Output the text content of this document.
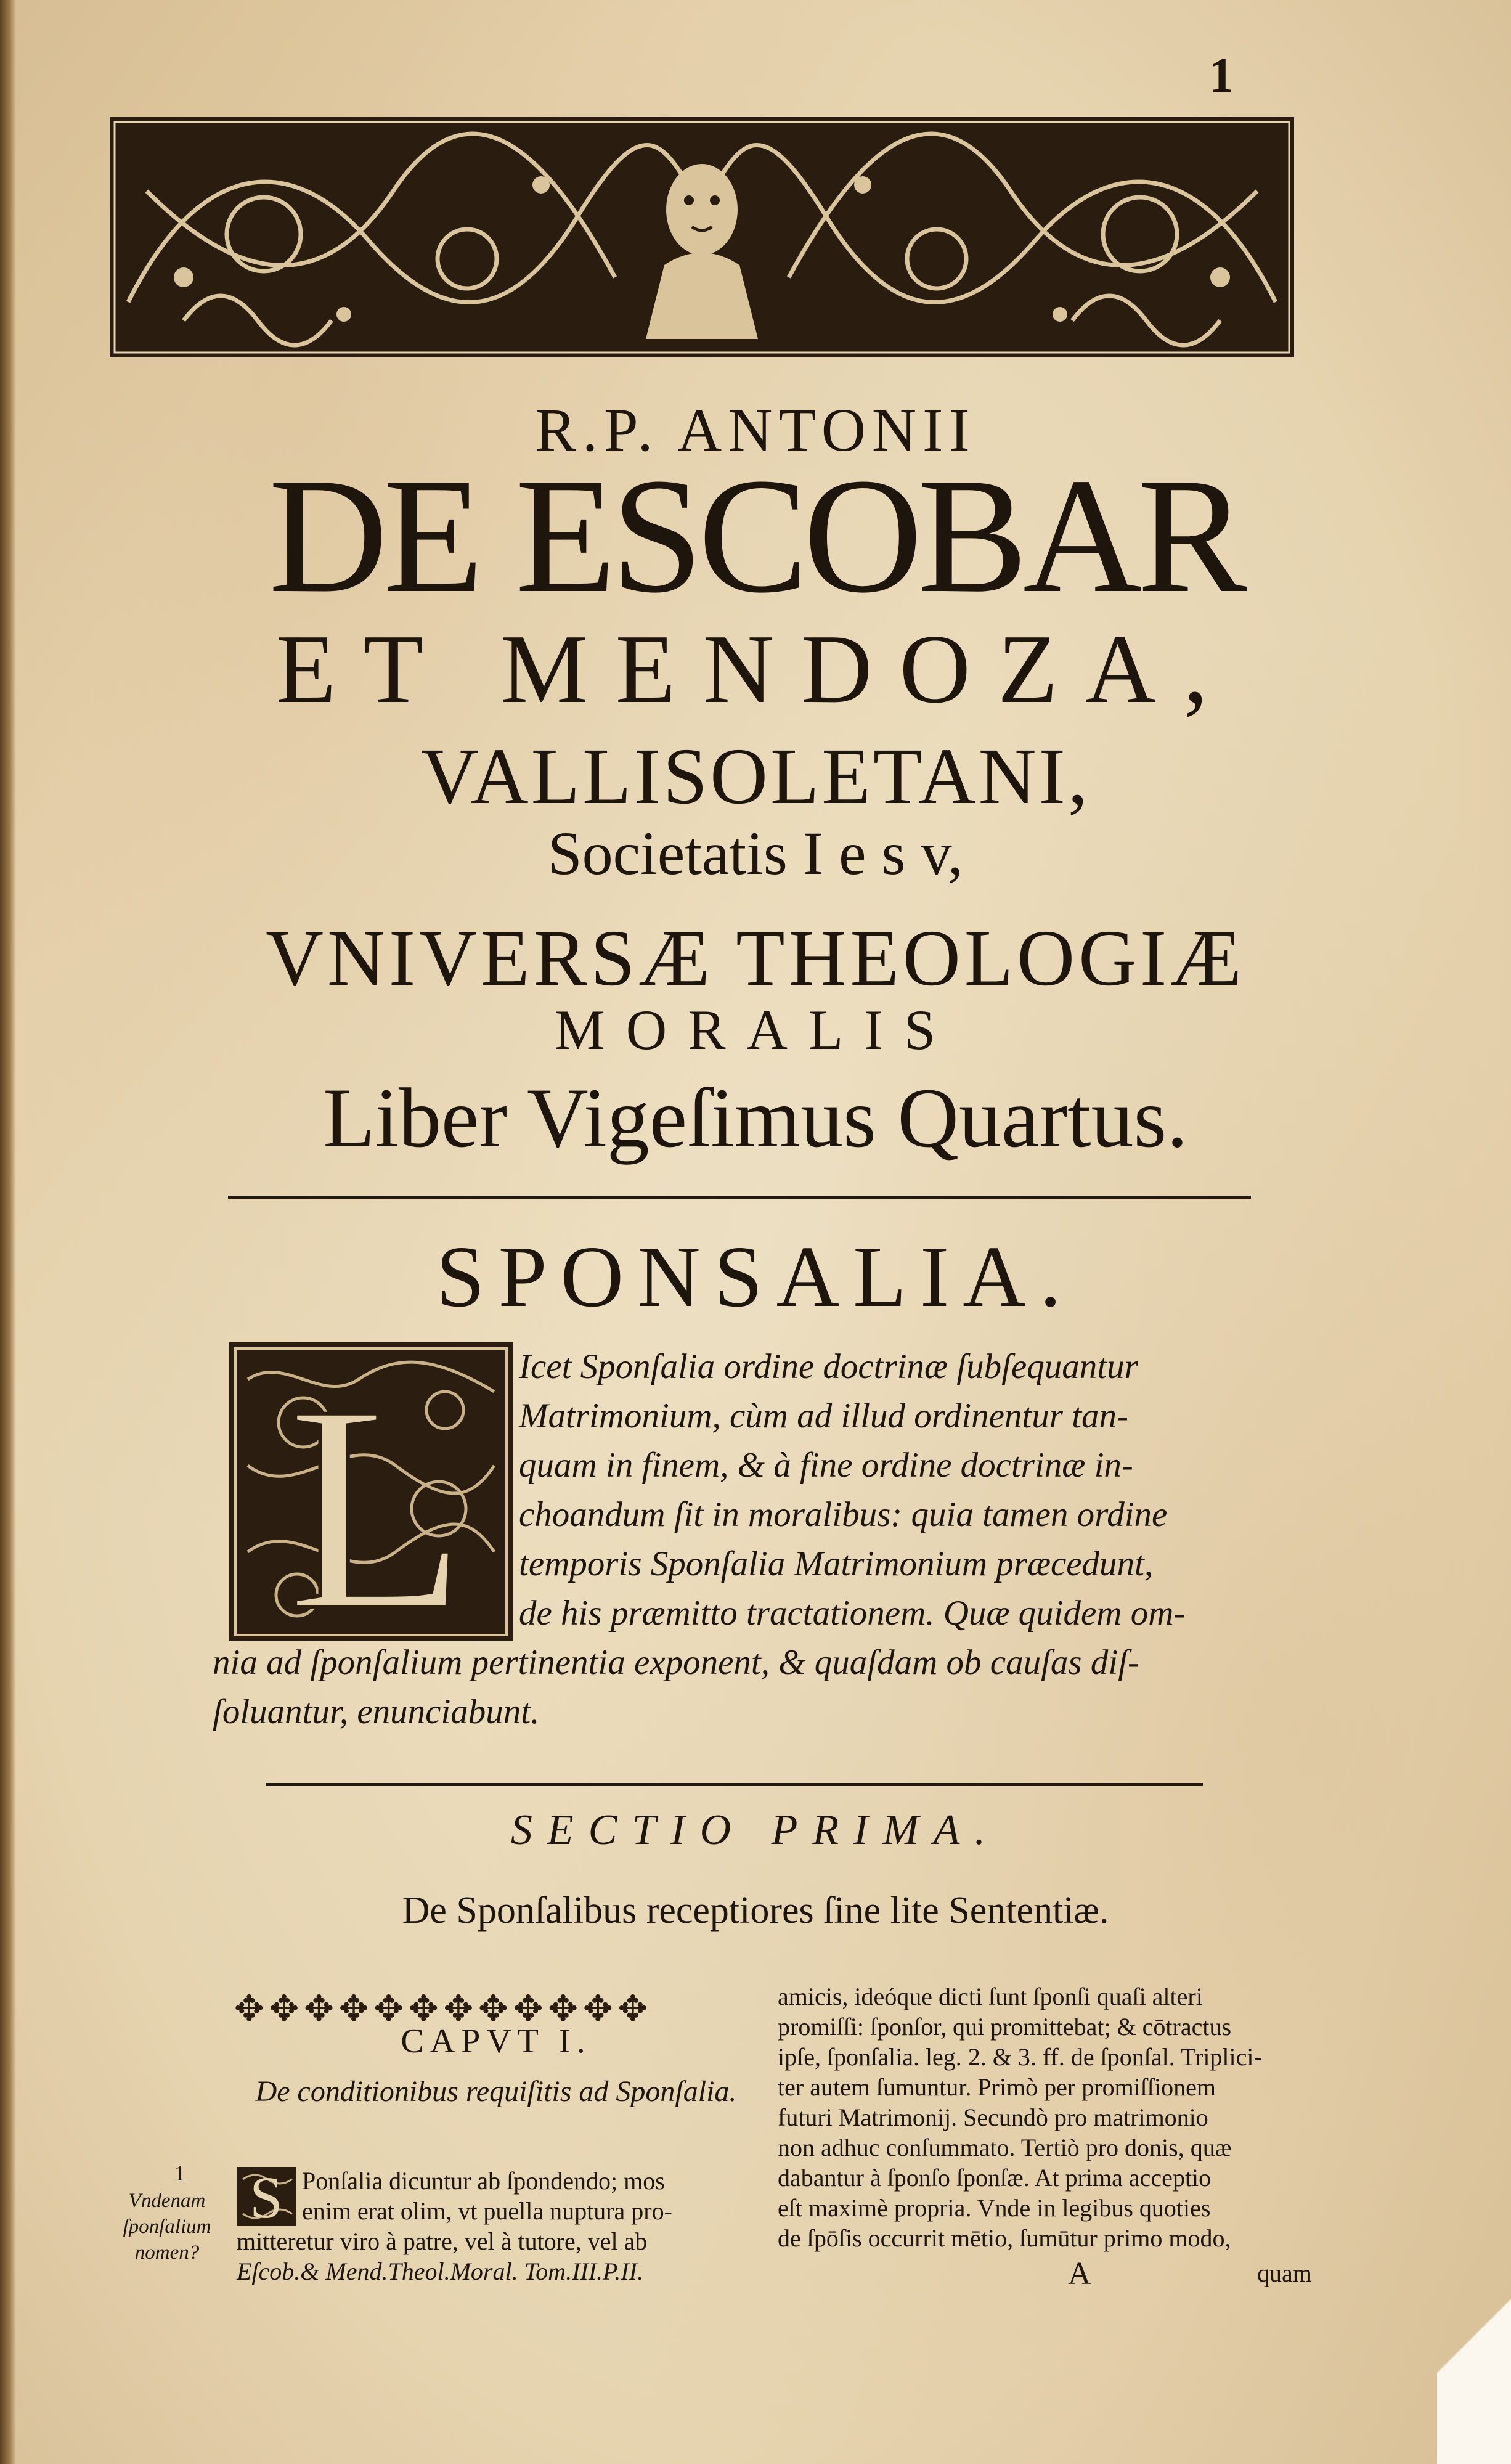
1
R.P. ANTONII
DE ESCOBAR
ET MENDOZA,
VALLISOLETANI,
Societatis I e s v,
VNIVERSÆ THEOLOGIÆ
MORALIS
Liber Vigeſimus Quartus.
SPONSALIA.
L	Icet Sponſalia ordine doctrinæ ſubſequantur
Matrimonium, cùm ad illud ordinentur tan-
quam in finem, & à fine ordine doctrinæ in-
choandum ſit in moralibus: quia tamen ordine
temporis Sponſalia Matrimonium præcedunt,
de his præmitto tractationem. Quæ quidem om-
nia ad ſponſalium pertinentia exponent, & quaſdam ob cauſas diſ-
ſoluantur, enunciabunt.
SECTIO PRIMA.
De Sponſalibus receptiores ſine lite Sententiæ.
✥✥✥✥✥✥✥✥✥✥✥✥
CAPVT I.
De conditionibus requiſitis ad Sponſalia.
1
Vndenam ſponſalium nomen?
S Ponſalia dicuntur ab ſpondendo; mos
enim erat olim, vt puella nuptura pro-
mitteretur viro à patre, vel à tutore, vel ab
Eſcob.& Mend.Theol.Moral. Tom.III.P.II.
amicis, ideóque dicti ſunt ſponſi quaſi alteri
promiſſi: ſponſor, qui promittebat; & cōtractus
ipſe, ſponſalia. leg. 2. & 3. ff. de ſponſal. Triplici-
ter autem ſumuntur. Primò per promiſſionem
futuri Matrimonij. Secundò pro matrimonio
non adhuc conſummato. Tertiò pro donis, quæ
dabantur à ſponſo ſponſæ. At prima acceptio
eſt maximè propria. Vnde in legibus quoties
de ſpōſis occurrit mētio, ſumūtur primo modo,
A	quam
